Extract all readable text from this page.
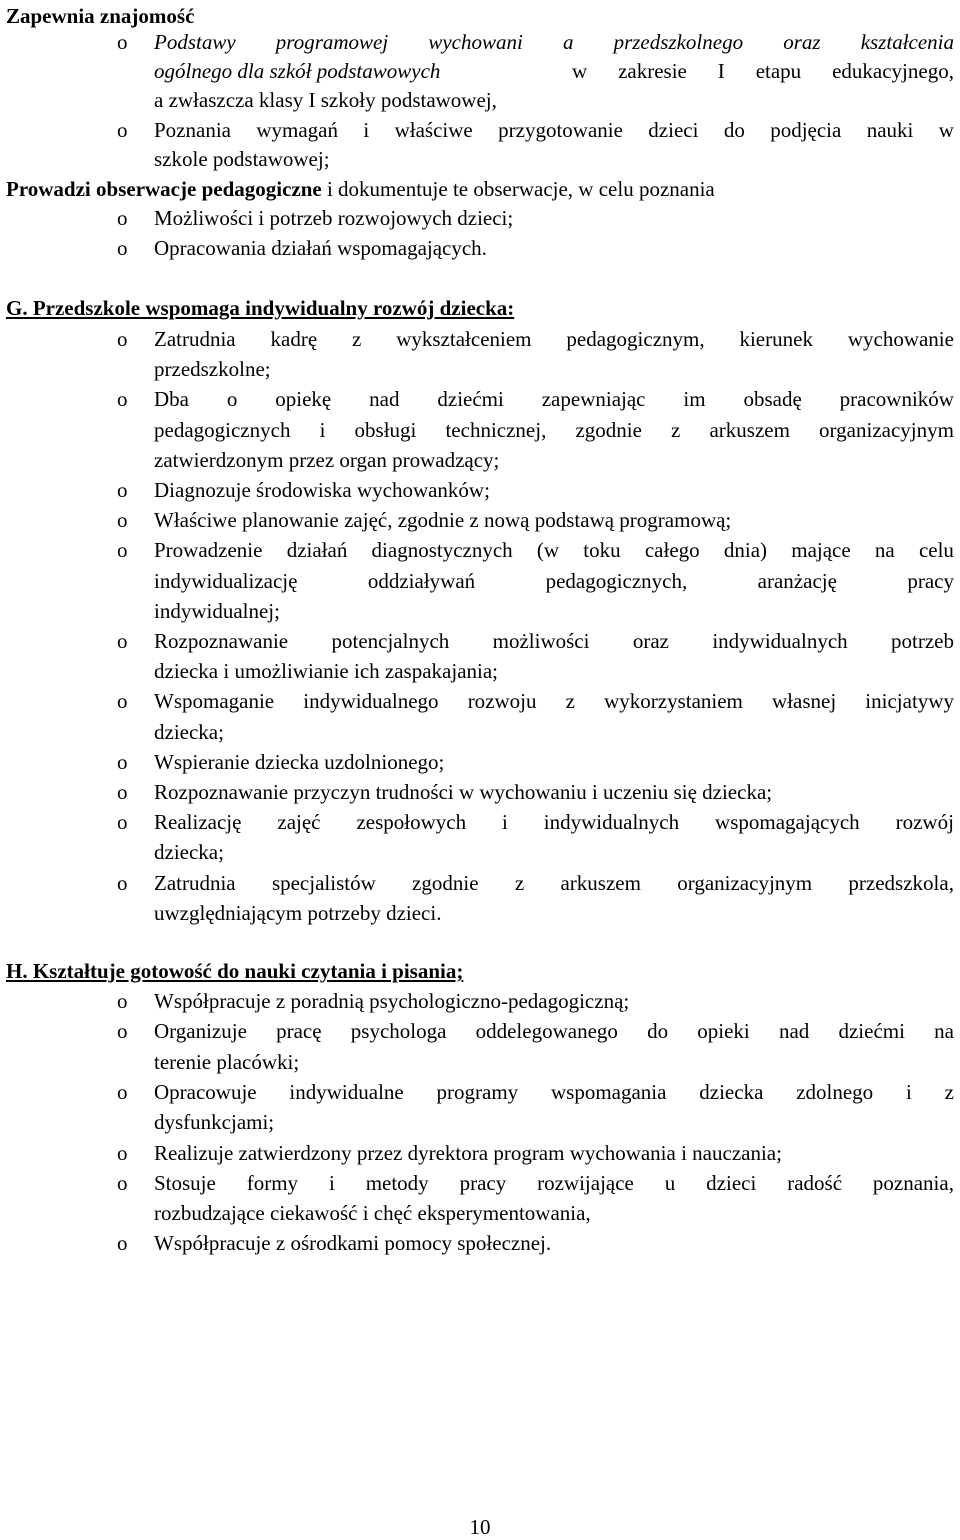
Zapewnia znajomość
o	Podstawy programowej wychowani a przedszkolnego oraz kształcenia
ogólnego dla szkół podstawowych	w zakresie I etapu edukacyjnego,
a zwłaszcza klasy I szkoły podstawowej,
o	Poznania wymagań i właściwe przygotowanie dzieci do podjęcia nauki w
szkole podstawowej;
Prowadzi obserwacje pedagogiczne i dokumentuje te obserwacje, w celu poznania
o	Możliwości i potrzeb rozwojowych dzieci;
o	Opracowania działań wspomagających.
G. Przedszkole wspomaga indywidualny rozwój dziecka:
o	Zatrudnia kadrę z wykształceniem pedagogicznym, kierunek wychowanie
przedszkolne;
o	Dba o opiekę nad dziećmi zapewniając im obsadę pracowników
pedagogicznych i obsługi technicznej, zgodnie z arkuszem organizacyjnym
zatwierdzonym przez organ prowadzący;
o	Diagnozuje środowiska wychowanków;
o	Właściwe planowanie zajęć, zgodnie z nową podstawą programową;
o	Prowadzenie działań diagnostycznych (w toku całego dnia) mające na celu
indywidualizację	oddziaływań	pedagogicznych,	aranżację	pracy
indywidualnej;
o	Rozpoznawanie potencjalnych możliwości oraz indywidualnych potrzeb
dziecka i umożliwianie ich zaspakajania;
o	Wspomaganie indywidualnego rozwoju z wykorzystaniem własnej inicjatywy
dziecka;
o	Wspieranie dziecka uzdolnionego;
o	Rozpoznawanie przyczyn trudności w wychowaniu i uczeniu się dziecka;
o	Realizację zajęć zespołowych i indywidualnych wspomagających rozwój
dziecka;
o	Zatrudnia specjalistów zgodnie z arkuszem organizacyjnym przedszkola,
uwzględniającym potrzeby dzieci.
H. Kształtuje gotowość do nauki czytania i pisania;
o	Współpracuje z poradnią psychologiczno-pedagogiczną;
o	Organizuje pracę psychologa oddelegowanego do opieki nad dziećmi na
terenie placówki;
o	Opracowuje indywidualne programy wspomagania dziecka zdolnego i z
dysfunkcjami;
o	Realizuje zatwierdzony przez dyrektora program wychowania i nauczania;
o	Stosuje formy i metody pracy rozwijające u dzieci radość poznania,
rozbudzające ciekawość i chęć eksperymentowania,
o	Współpracuje z ośrodkami pomocy społecznej.
10
